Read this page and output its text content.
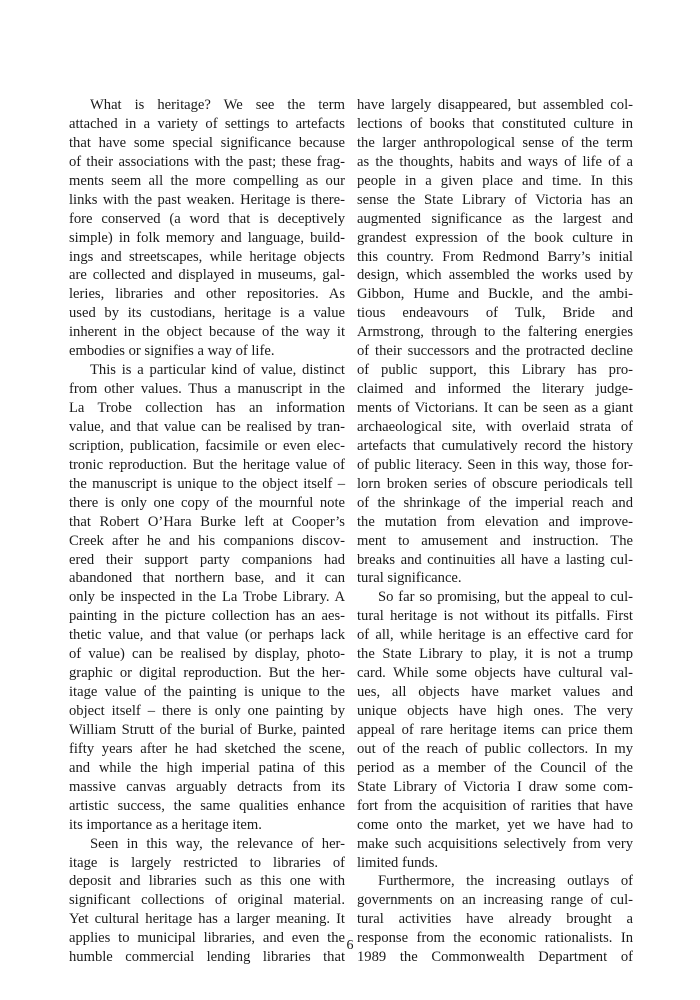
What is heritage? We see the term
attached in a variety of settings to artefacts
that have some special significance because
of their associations with the past; these frag-
ments seem all the more compelling as our
links with the past weaken. Heritage is there-
fore conserved (a word that is deceptively
simple) in folk memory and language, build-
ings and streetscapes, while heritage objects
are collected and displayed in museums, gal-
leries, libraries and other repositories. As
used by its custodians, heritage is a value
inherent in the object because of the way it
embodies or signifies a way of life.
This is a particular kind of value, distinct
from other values. Thus a manuscript in the
La Trobe collection has an information
value, and that value can be realised by tran-
scription, publication, facsimile or even elec-
tronic reproduction. But the heritage value of
the manuscript is unique to the object itself –
there is only one copy of the mournful note
that Robert O’Hara Burke left at Cooper’s
Creek after he and his companions discov-
ered their support party companions had
abandoned that northern base, and it can
only be inspected in the La Trobe Library. A
painting in the picture collection has an aes-
thetic value, and that value (or perhaps lack
of value) can be realised by display, photo-
graphic or digital reproduction. But the her-
itage value of the painting is unique to the
object itself – there is only one painting by
William Strutt of the burial of Burke, painted
fifty years after he had sketched the scene,
and while the high imperial patina of this
massive canvas arguably detracts from its
artistic success, the same qualities enhance
its importance as a heritage item.
Seen in this way, the relevance of her-
itage is largely restricted to libraries of
deposit and libraries such as this one with
significant collections of original material.
Yet cultural heritage has a larger meaning. It
applies to municipal libraries, and even the
humble commercial lending libraries that
have largely disappeared, but assembled col-
lections of books that constituted culture in
the larger anthropological sense of the term
as the thoughts, habits and ways of life of a
people in a given place and time. In this
sense the State Library of Victoria has an
augmented significance as the largest and
grandest expression of the book culture in
this country. From Redmond Barry’s initial
design, which assembled the works used by
Gibbon, Hume and Buckle, and the ambi-
tious endeavours of Tulk, Bride and
Armstrong, through to the faltering energies
of their successors and the protracted decline
of public support, this Library has pro-
claimed and informed the literary judge-
ments of Victorians. It can be seen as a giant
archaeological site, with overlaid strata of
artefacts that cumulatively record the history
of public literacy. Seen in this way, those for-
lorn broken series of obscure periodicals tell
of the shrinkage of the imperial reach and
the mutation from elevation and improve-
ment to amusement and instruction. The
breaks and continuities all have a lasting cul-
tural significance.
So far so promising, but the appeal to cul-
tural heritage is not without its pitfalls. First
of all, while heritage is an effective card for
the State Library to play, it is not a trump
card. While some objects have cultural val-
ues, all objects have market values and
unique objects have high ones. The very
appeal of rare heritage items can price them
out of the reach of public collectors. In my
period as a member of the Council of the
State Library of Victoria I draw some com-
fort from the acquisition of rarities that have
come onto the market, yet we have had to
make such acquisitions selectively from very
limited funds.
Furthermore, the increasing outlays of
governments on an increasing range of cul-
tural activities have already brought a
response from the economic rationalists. In
1989 the Commonwealth Department of
6
